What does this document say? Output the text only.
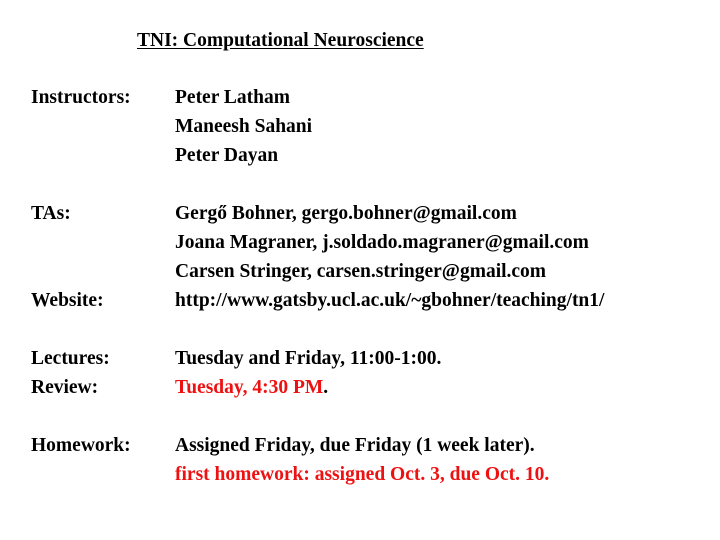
TNI: Computational Neuroscience
Instructors: Peter Latham
Maneesh Sahani
Peter Dayan
TAs:	Gergő Bohner, gergo.bohner@gmail.com
Joana Magraner, j.soldado.magraner@gmail.com
Carsen Stringer, carsen.stringer@gmail.com
Website:	http://www.gatsby.ucl.ac.uk/~gbohner/teaching/tn1/
Lectures:	Tuesday and Friday, 11:00-1:00.
Review:	Tuesday, 4:30 PM.
Homework: Assigned Friday, due Friday (1 week later).
first homework: assigned Oct. 3, due Oct. 10.
